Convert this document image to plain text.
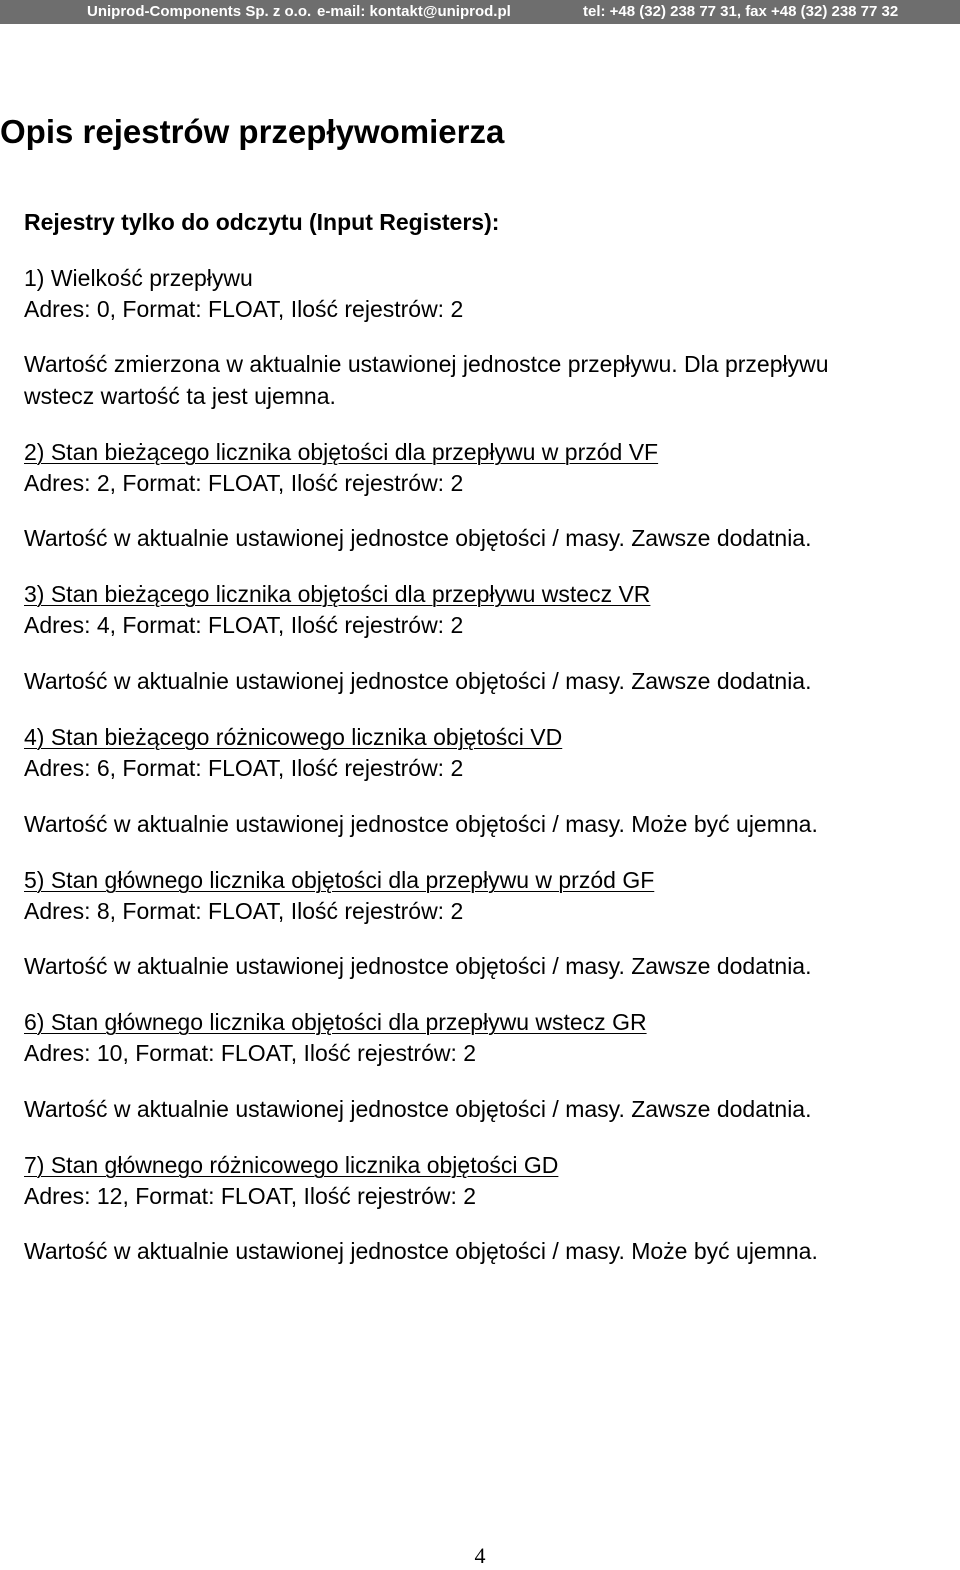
Uniprod-Components Sp. z o.o. e-mail: kontakt@uniprod.pl	tel: +48 (32) 238 77 31, fax +48 (32) 238 77 32
Opis rejestrów przepływomierza
Rejestry tylko do odczytu (Input Registers):
1) Wielkość przepływu
Adres: 0, Format: FLOAT, Ilość rejestrów: 2
Wartość zmierzona w aktualnie ustawionej jednostce przepływu. Dla przepływu
wstecz wartość ta jest ujemna.
2) Stan bieżącego licznika objętości dla przepływu w przód VF
Adres: 2, Format: FLOAT, Ilość rejestrów: 2
Wartość w aktualnie ustawionej jednostce objętości / masy. Zawsze dodatnia.
3) Stan bieżącego licznika objętości dla przepływu wstecz VR
Adres: 4, Format: FLOAT, Ilość rejestrów: 2
Wartość w aktualnie ustawionej jednostce objętości / masy. Zawsze dodatnia.
4) Stan bieżącego różnicowego licznika objętości VD
Adres: 6, Format: FLOAT, Ilość rejestrów: 2
Wartość w aktualnie ustawionej jednostce objętości / masy. Może być ujemna.
5) Stan głównego licznika objętości dla przepływu w przód GF
Adres: 8, Format: FLOAT, Ilość rejestrów: 2
Wartość w aktualnie ustawionej jednostce objętości / masy. Zawsze dodatnia.
6) Stan głównego licznika objętości dla przepływu wstecz GR
Adres: 10, Format: FLOAT, Ilość rejestrów: 2
Wartość w aktualnie ustawionej jednostce objętości / masy. Zawsze dodatnia.
7) Stan głównego różnicowego licznika objętości GD
Adres: 12, Format: FLOAT, Ilość rejestrów: 2
Wartość w aktualnie ustawionej jednostce objętości / masy. Może być ujemna.
4
